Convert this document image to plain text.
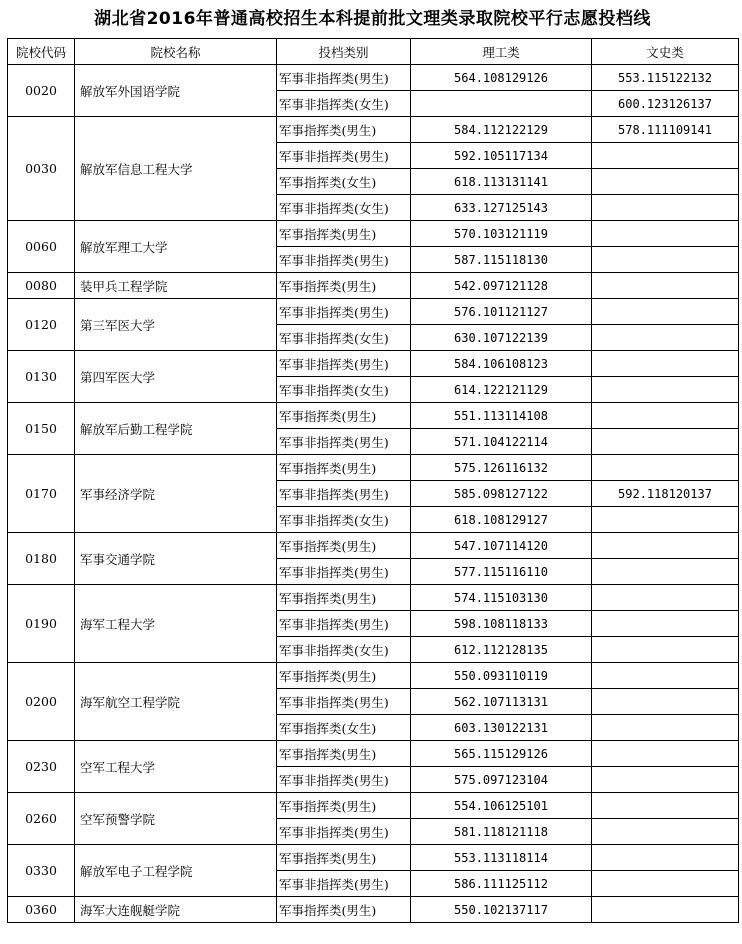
湖北省2016年普通高校招生本科提前批文理类录取院校平行志愿投档线
院校代码	院校名称	投档类别	理工类	文史类
0020	解放军外国语学院	军事非指挥类(男生)	564.108129126	553.115122132
		军事非指挥类(女生)		600.123126137
0030	解放军信息工程大学	军事指挥类(男生)	584.112122129	578.111109141
		军事非指挥类(男生)	592.105117134	
		军事指挥类(女生)	618.113131141	
		军事非指挥类(女生)	633.127125143	
0060	解放军理工大学	军事指挥类(男生)	570.103121119	
		军事非指挥类(男生)	587.115118130	
0080	装甲兵工程学院	军事指挥类(男生)	542.097121128	
0120	第三军医大学	军事非指挥类(男生)	576.101121127	
		军事非指挥类(女生)	630.107122139	
0130	第四军医大学	军事非指挥类(男生)	584.106108123	
		军事非指挥类(女生)	614.122121129	
0150	解放军后勤工程学院	军事指挥类(男生)	551.113114108	
		军事非指挥类(男生)	571.104122114	
0170	军事经济学院	军事指挥类(男生)	575.126116132	
		军事非指挥类(男生)	585.098127122	592.118120137
		军事非指挥类(女生)	618.108129127	
0180	军事交通学院	军事指挥类(男生)	547.107114120	
		军事非指挥类(男生)	577.115116110	
0190	海军工程大学	军事指挥类(男生)	574.115103130	
		军事非指挥类(男生)	598.108118133	
		军事非指挥类(女生)	612.112128135	
0200	海军航空工程学院	军事指挥类(男生)	550.093110119	
		军事非指挥类(男生)	562.107113131	
		军事指挥类(女生)	603.130122131	
0230	空军工程大学	军事指挥类(男生)	565.115129126	
		军事非指挥类(男生)	575.097123104	
0260	空军预警学院	军事指挥类(男生)	554.106125101	
		军事非指挥类(男生)	581.118121118	
0330	解放军电子工程学院	军事指挥类(男生)	553.113118114	
		军事非指挥类(男生)	586.111125112	
0360	海军大连舰艇学院	军事指挥类(男生)	550.102137117	
